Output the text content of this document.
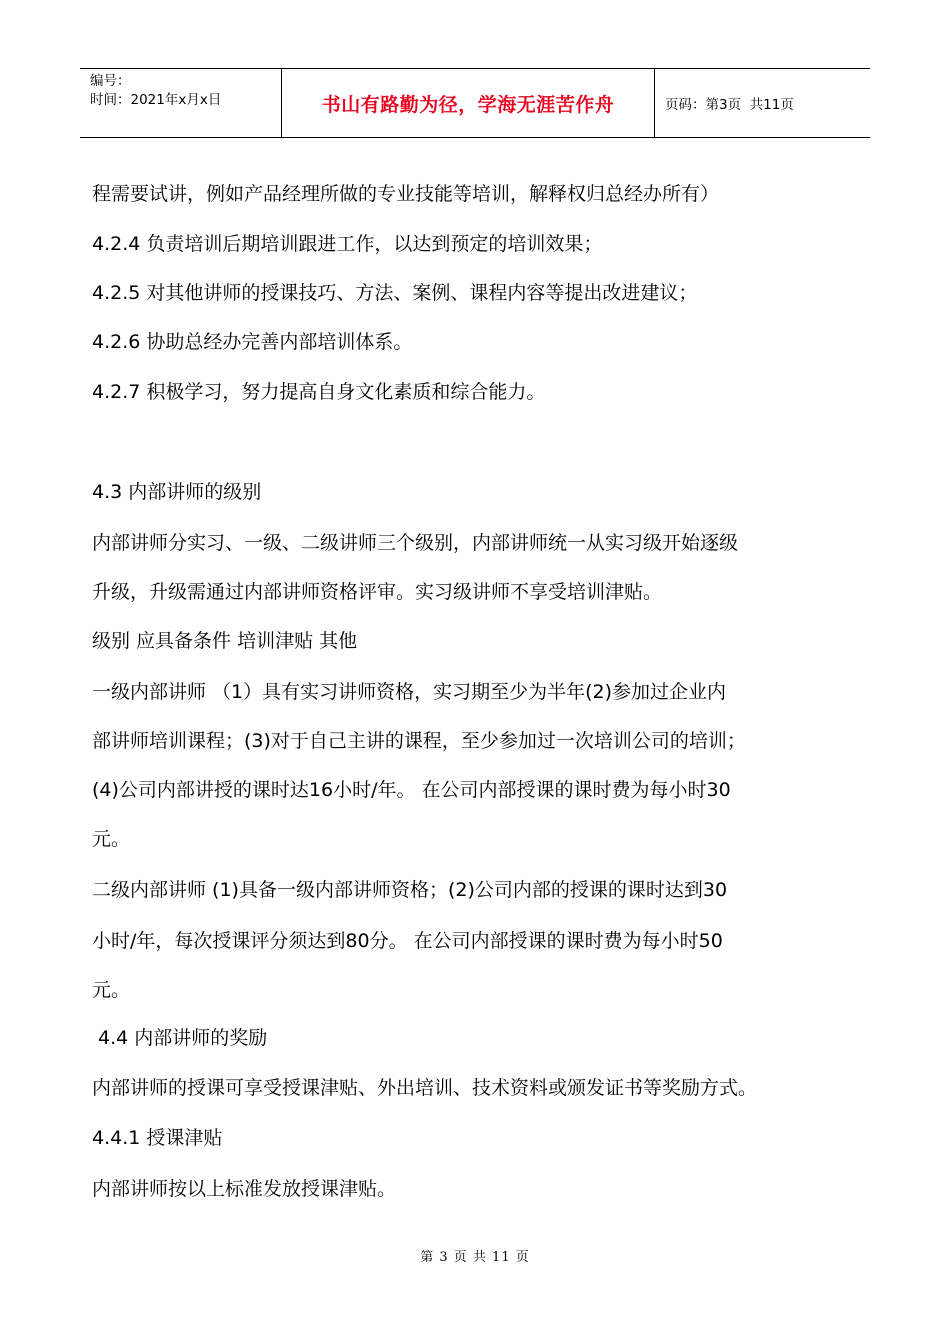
编号：
时间：2021年x月x日	书山有路勤为径，学海无涯苦作舟	页码：第3页  共11页
程需要试讲，例如产品经理所做的专业技能等培训，解释权归总经办所有）
4.2.4 负责培训后期培训跟进工作，以达到预定的培训效果；
4.2.5 对其他讲师的授课技巧、方法、案例、课程内容等提出改进建议；
4.2.6 协助总经办完善内部培训体系。
4.2.7 积极学习，努力提高自身文化素质和综合能力。
4.3 内部讲师的级别
内部讲师分实习、一级、二级讲师三个级别，内部讲师统一从实习级开始逐级
升级，升级需通过内部讲师资格评审。实习级讲师不享受培训津贴。
级别 应具备条件 培训津贴 其他
一级内部讲师 （1）具有实习讲师资格，实习期至少为半年(2)参加过企业内
部讲师培训课程；(3)对于自己主讲的课程，至少参加过一次培训公司的培训；
(4)公司内部讲授的课时达16小时/年。 在公司内部授课的课时费为每小时30
元。
二级内部讲师 (1)具备一级内部讲师资格；(2)公司内部的授课的课时达到30
小时/年，每次授课评分须达到80分。 在公司内部授课的课时费为每小时50
元。
4.4 内部讲师的奖励
内部讲师的授课可享受授课津贴、外出培训、技术资料或颁发证书等奖励方式。
4.4.1 授课津贴
内部讲师按以上标准发放授课津贴。
第 3 页 共 11 页
